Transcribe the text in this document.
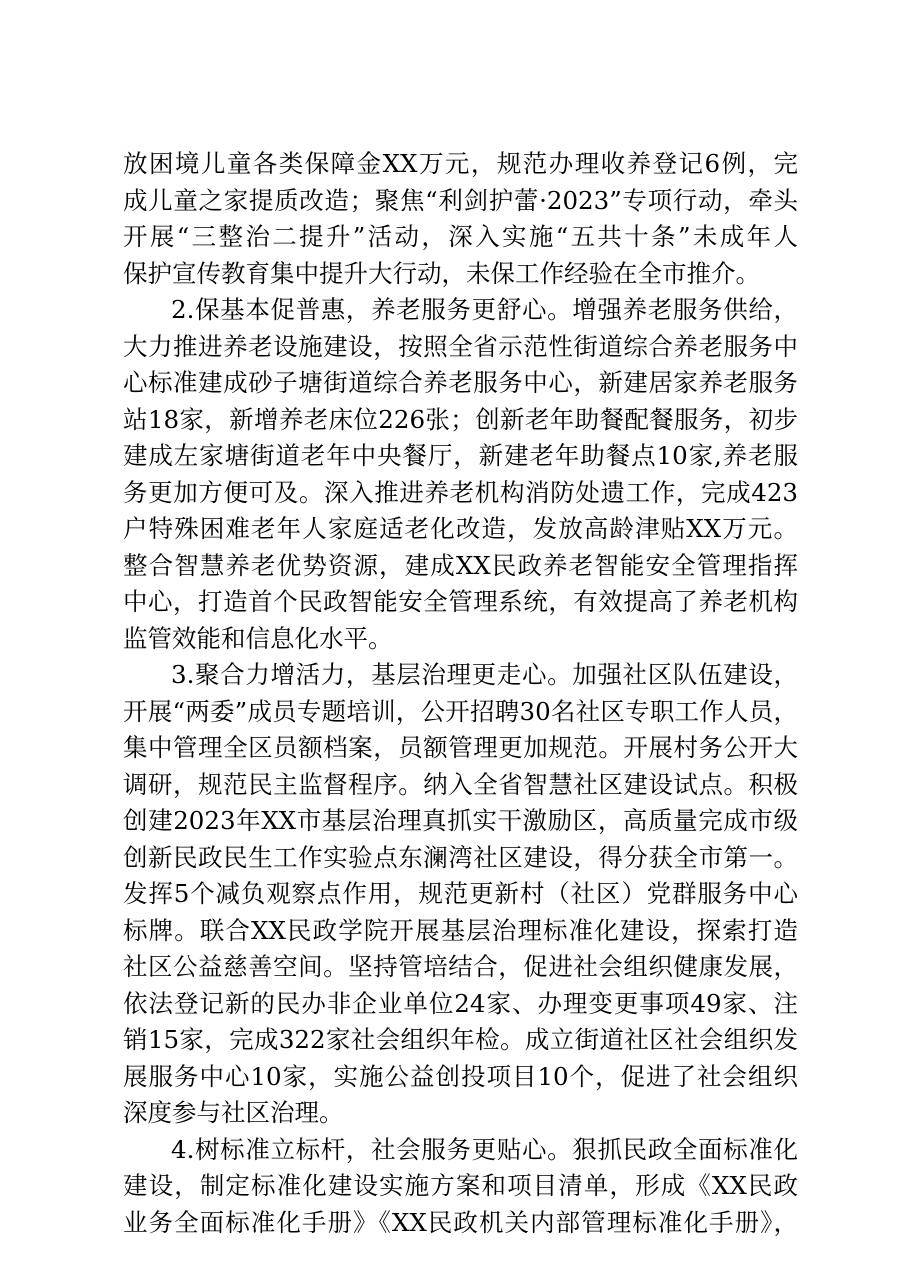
放困境儿童各类保障金XX万元，规范办理收养登记6例，完
成儿童之家提质改造；聚焦“利剑护蕾·2023”专项行动，牵头
开展“三整治二提升”活动，深入实施“五共十条”未成年人
保护宣传教育集中提升大行动，未保工作经验在全市推介。
2.保基本促普惠，养老服务更舒心。增强养老服务供给，
大力推进养老设施建设，按照全省示范性街道综合养老服务中
心标准建成砂子塘街道综合养老服务中心，新建居家养老服务
站18家，新增养老床位226张；创新老年助餐配餐服务，初步
建成左家塘街道老年中央餐厅，新建老年助餐点10家,养老服
务更加方便可及。深入推进养老机构消防处遗工作，完成423
户特殊困难老年人家庭适老化改造，发放高龄津贴XX万元。
整合智慧养老优势资源，建成XX民政养老智能安全管理指挥
中心，打造首个民政智能安全管理系统，有效提高了养老机构
监管效能和信息化水平。
3.聚合力增活力，基层治理更走心。加强社区队伍建设，
开展“两委”成员专题培训，公开招聘30名社区专职工作人员，
集中管理全区员额档案，员额管理更加规范。开展村务公开大
调研，规范民主监督程序。纳入全省智慧社区建设试点。积极
创建2023年XX市基层治理真抓实干激励区，高质量完成市级
创新民政民生工作实验点东澜湾社区建设，得分获全市第一。
发挥5个减负观察点作用，规范更新村（社区）党群服务中心
标牌。联合XX民政学院开展基层治理标准化建设，探索打造
社区公益慈善空间。坚持管培结合，促进社会组织健康发展，
依法登记新的民办非企业单位24家、办理变更事项49家、注
销15家，完成322家社会组织年检。成立街道社区社会组织发
展服务中心10家，实施公益创投项目10个，促进了社会组织
深度参与社区治理。
4.树标准立标杆，社会服务更贴心。狠抓民政全面标准化
建设，制定标准化建设实施方案和项目清单，形成《XX民政
业务全面标准化手册》《XX民政机关内部管理标准化手册》，
